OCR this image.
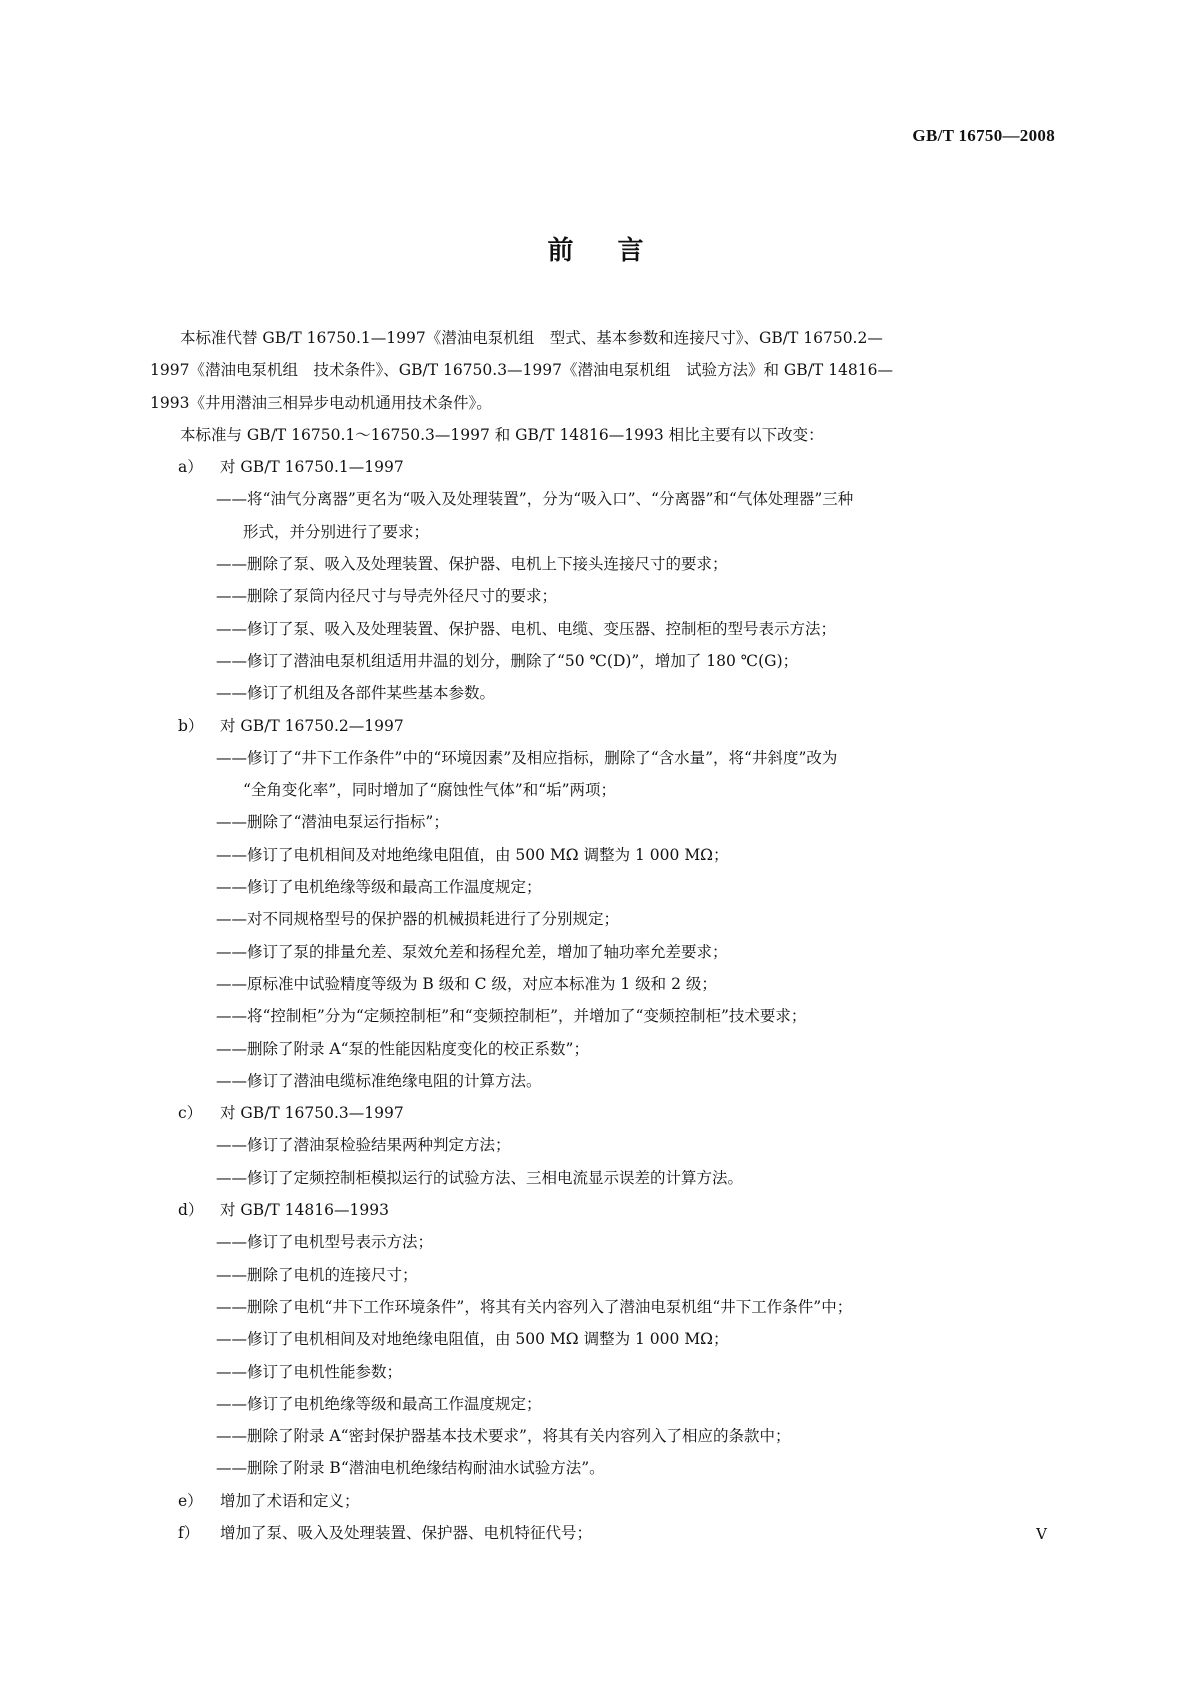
GB/T 16750—2008
前言
本标准代替 GB/T 16750.1—1997《潜油电泵机组　型式、基本参数和连接尺寸》、GB/T 16750.2—
1997《潜油电泵机组　技术条件》、GB/T 16750.3—1997《潜油电泵机组　试验方法》和 GB/T 14816—
1993《井用潜油三相异步电动机通用技术条件》。
本标准与 GB/T 16750.1～16750.3—1997 和 GB/T 14816—1993 相比主要有以下改变：
a） 对 GB/T 16750.1—1997
——将“油气分离器”更名为“吸入及处理装置”，分为“吸入口”、“分离器”和“气体处理器”三种
形式，并分别进行了要求；
——删除了泵、吸入及处理装置、保护器、电机上下接头连接尺寸的要求；
——删除了泵筒内径尺寸与导壳外径尺寸的要求；
——修订了泵、吸入及处理装置、保护器、电机、电缆、变压器、控制柜的型号表示方法；
——修订了潜油电泵机组适用井温的划分，删除了“50 ℃(D)”，增加了 180 ℃(G)；
——修订了机组及各部件某些基本参数。
b） 对 GB/T 16750.2—1997
——修订了“井下工作条件”中的“环境因素”及相应指标，删除了“含水量”，将“井斜度”改为
“全角变化率”，同时增加了“腐蚀性气体”和“垢”两项；
——删除了“潜油电泵运行指标”；
——修订了电机相间及对地绝缘电阻值，由 500 MΩ 调整为 1 000 MΩ；
——修订了电机绝缘等级和最高工作温度规定；
——对不同规格型号的保护器的机械损耗进行了分别规定；
——修订了泵的排量允差、泵效允差和扬程允差，增加了轴功率允差要求；
——原标准中试验精度等级为 B 级和 C 级，对应本标准为 1 级和 2 级；
——将“控制柜”分为“定频控制柜”和“变频控制柜”，并增加了“变频控制柜”技术要求；
——删除了附录 A“泵的性能因粘度变化的校正系数”；
——修订了潜油电缆标准绝缘电阻的计算方法。
c） 对 GB/T 16750.3—1997
——修订了潜油泵检验结果两种判定方法；
——修订了定频控制柜模拟运行的试验方法、三相电流显示误差的计算方法。
d） 对 GB/T 14816—1993
——修订了电机型号表示方法；
——删除了电机的连接尺寸；
——删除了电机“井下工作环境条件”，将其有关内容列入了潜油电泵机组“井下工作条件”中；
——修订了电机相间及对地绝缘电阻值，由 500 MΩ 调整为 1 000 MΩ；
——修订了电机性能参数；
——修订了电机绝缘等级和最高工作温度规定；
——删除了附录 A“密封保护器基本技术要求”，将其有关内容列入了相应的条款中；
——删除了附录 B“潜油电机绝缘结构耐油水试验方法”。
e） 增加了术语和定义；
f） 增加了泵、吸入及处理装置、保护器、电机特征代号；	Ⅴ
